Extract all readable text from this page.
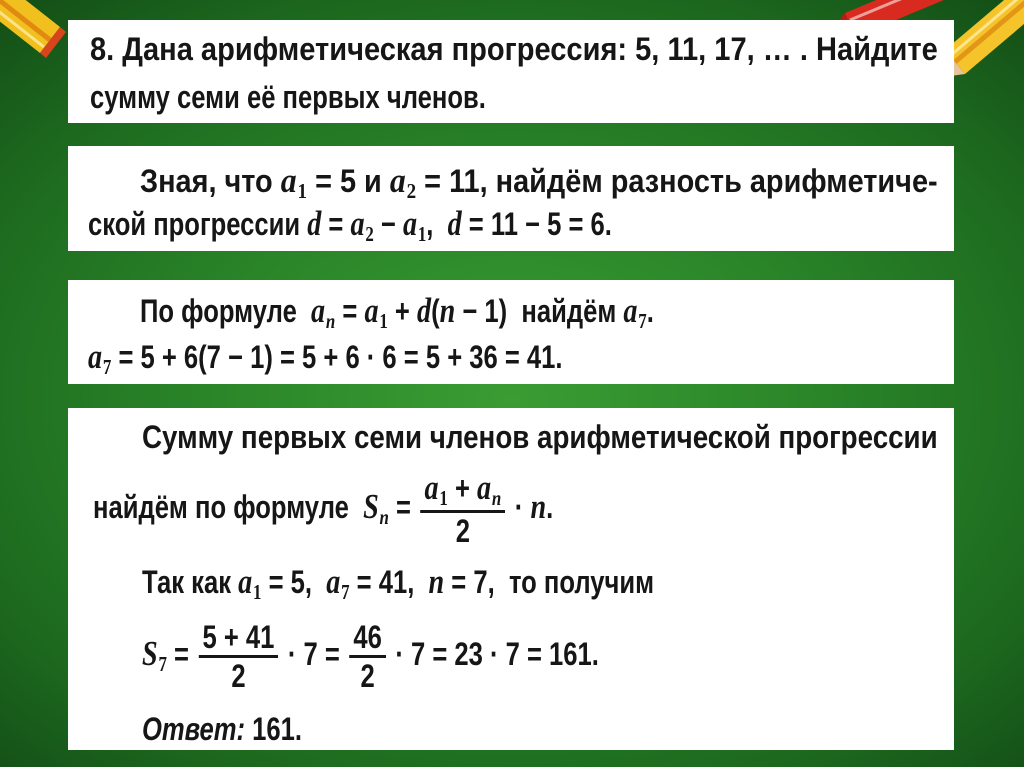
8. Дана арифметическая прогрессия: 5, 11, 17, … . Найдите
сумму семи её первых членов.
Зная, что a1 = 5 и a2 = 11, найдём разность арифметиче-
ской прогрессии d = a2 − a1,  d = 11 − 5 = 6.
По формуле  an = a1 + d(n − 1)  найдём a7.
a7 = 5 + 6(7 − 1) = 5 + 6 · 6 = 5 + 36 = 41.
Сумму первых семи членов арифметической прогрессии
найдём по формуле  $Sn = \frac{a1 + an}{2} \cdot n$.
Так как a1 = 5,  a7 = 41,  n = 7,  то получим
$S7 = \frac{5 + 41}{2} \cdot 7 = \frac{46}{2} \cdot 7 = 23 \cdot 7 = 161$.
Ответ: 161.
